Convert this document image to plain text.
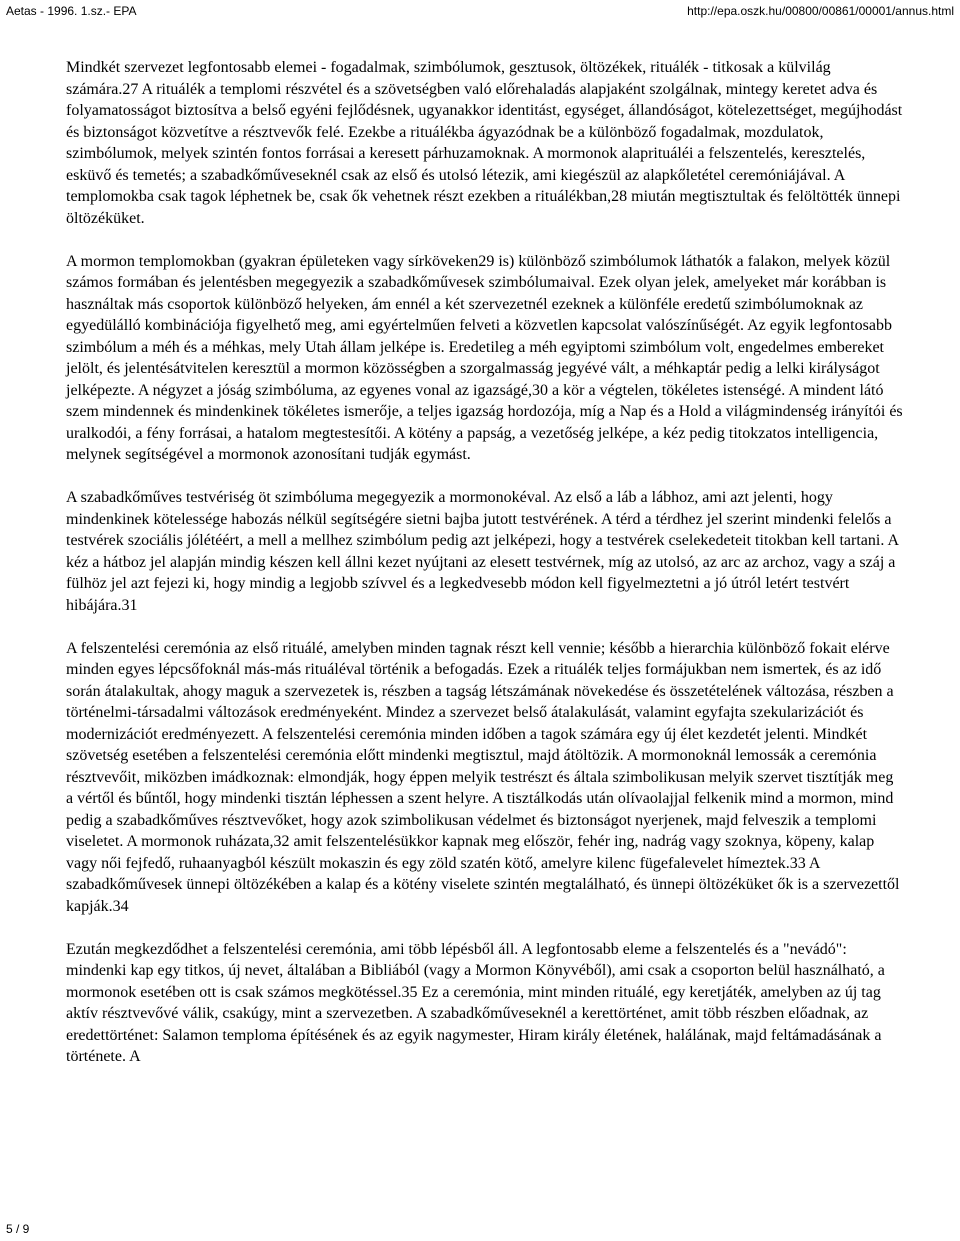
Aetas - 1996. 1.sz.- EPA	http://epa.oszk.hu/00800/00861/00001/annus.html

Mindkét szervezet legfontosabb elemei - fogadalmak, szimbólumok, gesztusok, öltözékek, rituálék - titkosak a külvilág számára.27 A rituálék a templomi részvétel és a szövetségben való előrehaladás alapjaként szolgálnak, mintegy keretet adva és folyamatosságot biztosítva a belső egyéni fejlődésnek, ugyanakkor identitást, egységet, állandóságot, kötelezettséget, megújhodást és biztonságot közvetítve a résztvevők felé. Ezekbe a rituálékba ágyazódnak be a különböző fogadalmak, mozdulatok, szimbólumok, melyek szintén fontos forrásai a keresett párhuzamoknak. A mormonok alaprituáléi a felszentelés, keresztelés, esküvő és temetés; a szabadkőműveseknél csak az első és utolsó létezik, ami kiegészül az alapkőletétel ceremóniájával. A templomokba csak tagok léphetnek be, csak ők vehetnek részt ezekben a rituálékban,28 miután megtisztultak és felöltötték ünnepi öltözéküket.

A mormon templomokban (gyakran épületeken vagy sírköveken29 is) különböző szimbólumok láthatók a falakon, melyek közül számos formában és jelentésben megegyezik a szabadkőművesek szimbólumaival. Ezek olyan jelek, amelyeket már korábban is használtak más csoportok különböző helyeken, ám ennél a két szervezetnél ezeknek a különféle eredetű szimbólumoknak az egyedülálló kombinációja figyelhető meg, ami egyértelműen felveti a közvetlen kapcsolat valószínűségét. Az egyik legfontosabb szimbólum a méh és a méhkas, mely Utah állam jelképe is. Eredetileg a méh egyiptomi szimbólum volt, engedelmes embereket jelölt, és jelentésátvitelen keresztül a mormon közösségben a szorgalmasság jegyévé vált, a méhkaptár pedig a lelki királyságot jelképezte. A négyzet a jóság szimbóluma, az egyenes vonal az igazságé,30 a kör a végtelen, tökéletes istenségé. A mindent látó szem mindennek és mindenkinek tökéletes ismerője, a teljes igazság hordozója, míg a Nap és a Hold a világmindenség irányítói és uralkodói, a fény forrásai, a hatalom megtestesítői. A kötény a papság, a vezetőség jelképe, a kéz pedig titokzatos intelligencia, melynek segítségével a mormonok azonosítani tudják egymást.

A szabadkőműves testvériség öt szimbóluma megegyezik a mormonokéval. Az első a láb a lábhoz, ami azt jelenti, hogy mindenkinek kötelessége habozás nélkül segítségére sietni bajba jutott testvérének. A térd a térdhez jel szerint mindenki felelős a testvérek szociális jólétéért, a mell a mellhez szimbólum pedig azt jelképezi, hogy a testvérek cselekedeteit titokban kell tartani. A kéz a hátboz jel alapján mindig készen kell állni kezet nyújtani az elesett testvérnek, míg az utolsó, az arc az archoz, vagy a száj a fülhöz jel azt fejezi ki, hogy mindig a legjobb szívvel és a legkedvesebb módon kell figyelmeztetni a jó útról letért testvért hibájára.31

A felszentelési ceremónia az első rituálé, amelyben minden tagnak részt kell vennie; később a hierarchia különböző fokait elérve minden egyes lépcsőfoknál más-más rituáléval történik a befogadás. Ezek a rituálék teljes formájukban nem ismertek, és az idő során átalakultak, ahogy maguk a szervezetek is, részben a tagság létszámának növekedése és összetételének változása, részben a történelmi-társadalmi változások eredményeként. Mindez a szervezet belső átalakulását, valamint egyfajta szekularizációt és modernizációt eredményezett. A felszentelési ceremónia minden időben a tagok számára egy új élet kezdetét jelenti. Mindkét szövetség esetében a felszentelési ceremónia előtt mindenki megtisztul, majd átöltözik. A mormonoknál lemossák a ceremónia résztvevőit, miközben imádkoznak: elmondják, hogy éppen melyik testrészt és általa szimbolikusan melyik szervet tisztítják meg a vértől és bűntől, hogy mindenki tisztán léphessen a szent helyre. A tisztálkodás után olívaolajjal felkenik mind a mormon, mind pedig a szabadkőműves résztvevőket, hogy azok szimbolikusan védelmet és biztonságot nyerjenek, majd felveszik a templomi viseletet. A mormonok ruházata,32 amit felszentelésükkor kapnak meg először, fehér ing, nadrág vagy szoknya, köpeny, kalap vagy női fejfedő, ruhaanyagból készült mokaszin és egy zöld szatén kötő, amelyre kilenc fügefalevelet hímeztek.33 A szabadkőművesek ünnepi öltözékében a kalap és a kötény viselete szintén megtalálható, és ünnepi öltözéküket ők is a szervezettől kapják.34

Ezután megkezdődhet a felszentelési ceremónia, ami több lépésből áll. A legfontosabb eleme a felszentelés és a "nevádó": mindenki kap egy titkos, új nevet, általában a Bibliából (vagy a Mormon Könyvéből), ami csak a csoporton belül használható, a mormonok esetében ott is csak számos megkötéssel.35 Ez a ceremónia, mint minden rituálé, egy keretjáték, amelyben az új tag aktív résztvevővé válik, csakúgy, mint a szervezetben. A szabadkőműveseknél a kerettörténet, amit több részben előadnak, az eredettörténet: Salamon temploma építésének és az egyik nagymester, Hiram király életének, halálának, majd feltámadásának a története. A

5 / 9
